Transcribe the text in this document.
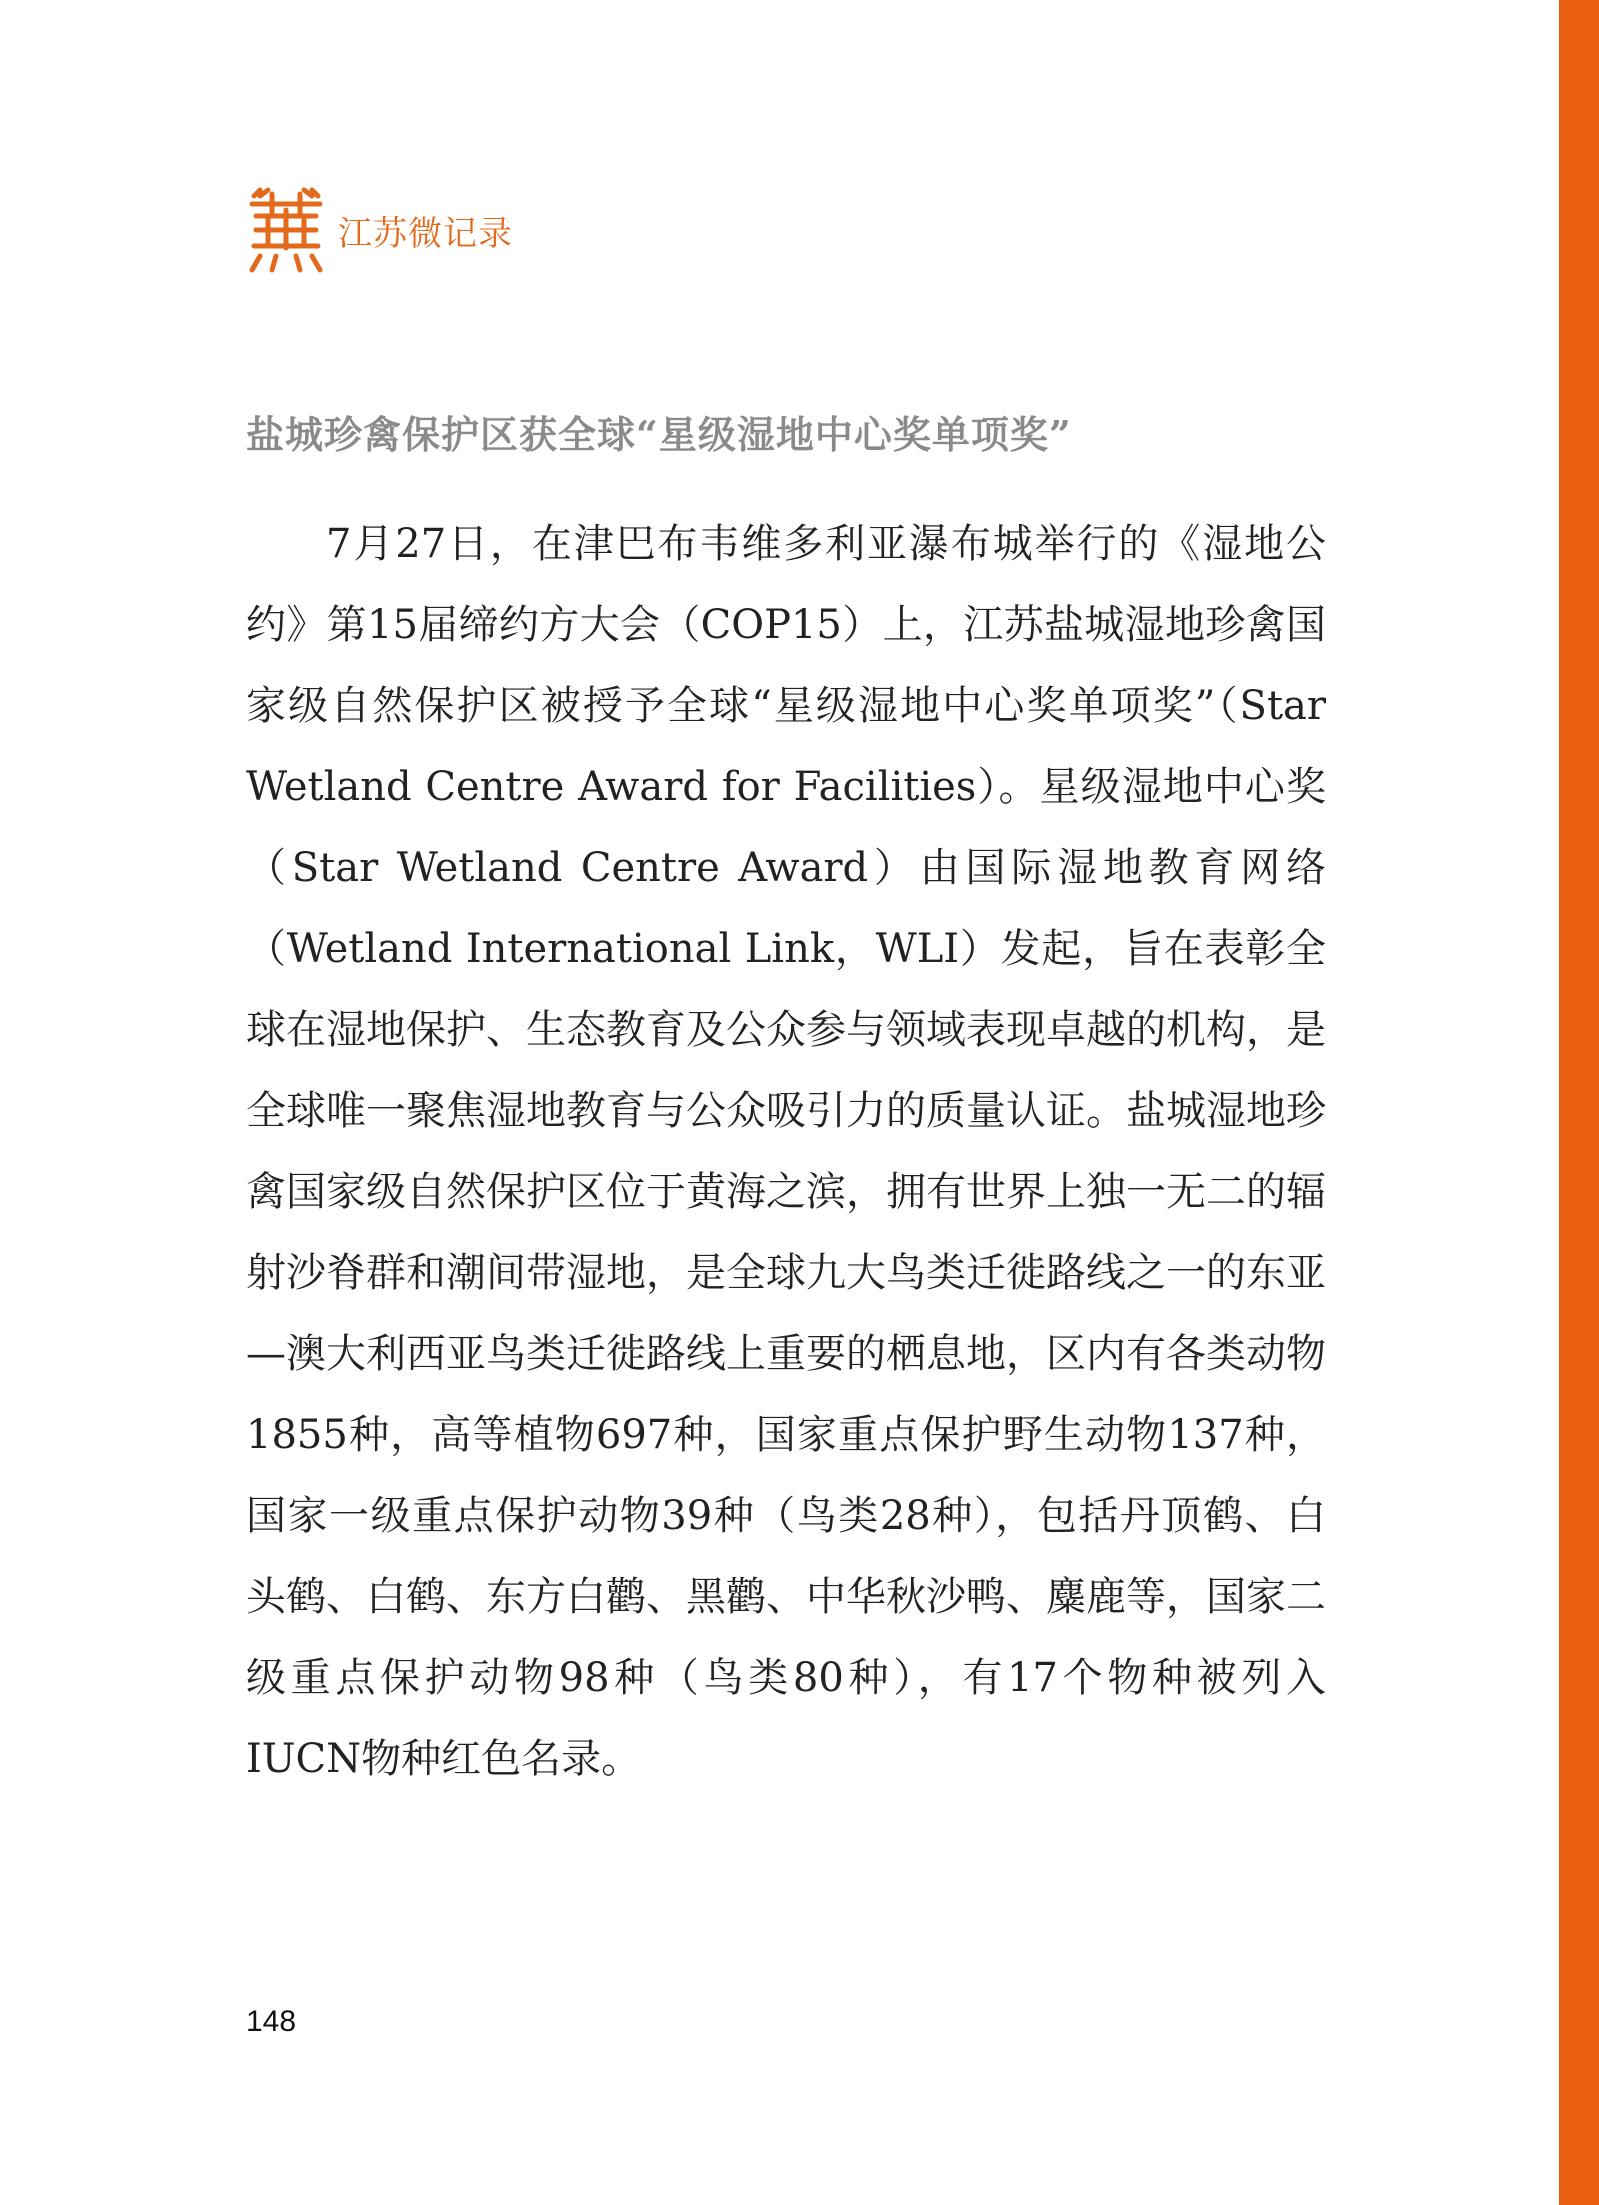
江苏微记录
盐城珍禽保护区获全球“星级湿地中心奖单项奖”

7月27日，在津巴布韦维多利亚瀑布城举行的《湿地公约》第15届缔约方大会（COP15）上，江苏盐城湿地珍禽国家级自然保护区被授予全球“星级湿地中心奖单项奖”（Star Wetland Centre Award for Facilities）。星级湿地中心奖（Star Wetland Centre Award）由国际湿地教育网络（Wetland International Link，WLI）发起，旨在表彰全球在湿地保护、生态教育及公众参与领域表现卓越的机构，是全球唯一聚焦湿地教育与公众吸引力的质量认证。盐城湿地珍禽国家级自然保护区位于黄海之滨，拥有世界上独一无二的辐射沙脊群和潮间带湿地，是全球九大鸟类迁徙路线之一的东亚—澳大利西亚鸟类迁徙路线上重要的栖息地，区内有各类动物1855种，高等植物697种，国家重点保护野生动物137种，国家一级重点保护动物39种（鸟类28种），包括丹顶鹤、白头鹤、白鹤、东方白鹳、黑鹳、中华秋沙鸭、麋鹿等，国家二级重点保护动物98种（鸟类80种），有17个物种被列入IUCN物种红色名录。

148
